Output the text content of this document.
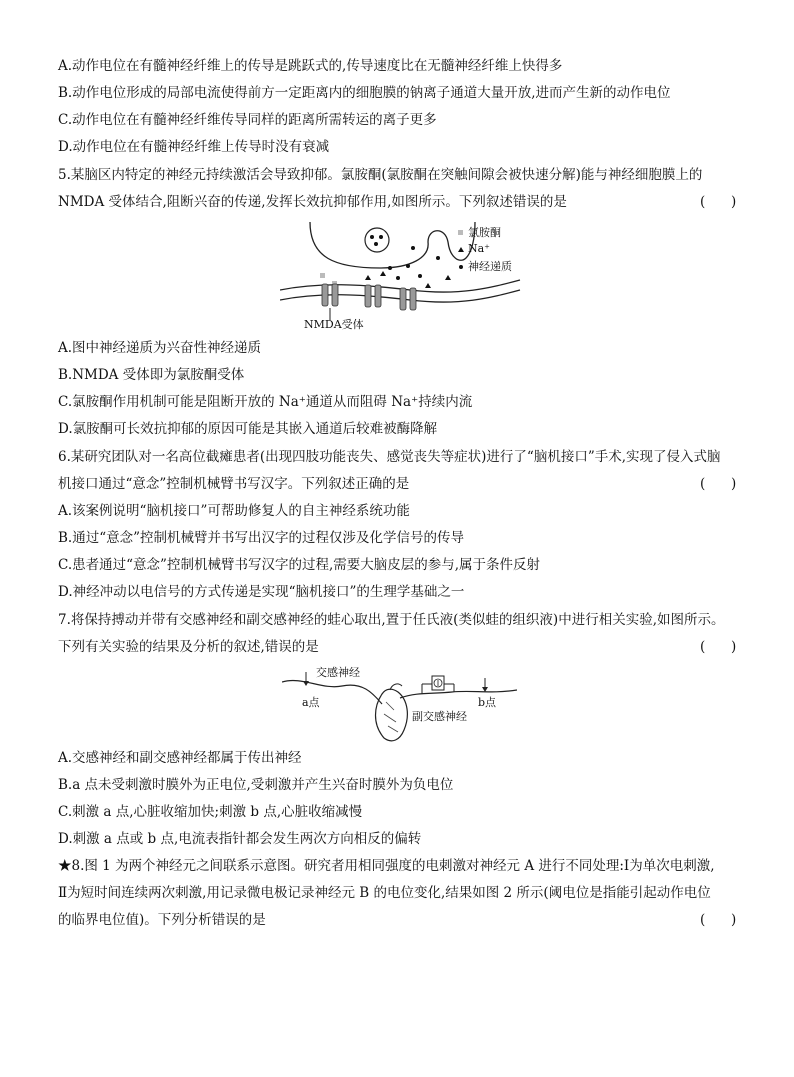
A.动作电位在有髓神经纤维上的传导是跳跃式的,传导速度比在无髓神经纤维上快得多
B.动作电位形成的局部电流使得前方一定距离内的细胞膜的钠离子通道大量开放,进而产生新的动作电位
C.动作电位在有髓神经纤维传导同样的距离所需转运的离子更多
D.动作电位在有髓神经纤维上传导时没有衰减
5.某脑区内特定的神经元持续激活会导致抑郁。氯胺酮(氯胺酮在突触间隙会被快速分解)能与神经细胞膜上的
NMDA 受体结合,阻断兴奋的传递,发挥长效抗抑郁作用,如图所示。下列叙述错误的是	(      )
氯胺酮
Na⁺
神经递质
NMDA受体
A.图中神经递质为兴奋性神经递质
B.NMDA 受体即为氯胺酮受体
C.氯胺酮作用机制可能是阻断开放的 Na⁺通道从而阻碍 Na⁺持续内流
D.氯胺酮可长效抗抑郁的原因可能是其嵌入通道后较难被酶降解
6.某研究团队对一名高位截瘫患者(出现四肢功能丧失、感觉丧失等症状)进行了“脑机接口”手术,实现了侵入式脑
机接口通过“意念”控制机械臂书写汉字。下列叙述正确的是	(      )
A.该案例说明“脑机接口”可帮助修复人的自主神经系统功能
B.通过“意念”控制机械臂并书写出汉字的过程仅涉及化学信号的传导
C.患者通过“意念”控制机械臂书写汉字的过程,需要大脑皮层的参与,属于条件反射
D.神经冲动以电信号的方式传递是实现“脑机接口”的生理学基础之一
7.将保持搏动并带有交感神经和副交感神经的蛙心取出,置于任氏液(类似蛙的组织液)中进行相关实验,如图所示。
下列有关实验的结果及分析的叙述,错误的是	(      )
交感神经
a点	b点
副交感神经
A.交感神经和副交感神经都属于传出神经
B.a 点未受刺激时膜外为正电位,受刺激并产生兴奋时膜外为负电位
C.刺激 a 点,心脏收缩加快;刺激 b 点,心脏收缩减慢
D.刺激 a 点或 b 点,电流表指针都会发生两次方向相反的偏转
★8.图 1 为两个神经元之间联系示意图。研究者用相同强度的电刺激对神经元 A 进行不同处理:Ⅰ为单次电刺激,
Ⅱ为短时间连续两次刺激,用记录微电极记录神经元 B 的电位变化,结果如图 2 所示(阈电位是指能引起动作电位
的临界电位值)。下列分析错误的是	(      )
